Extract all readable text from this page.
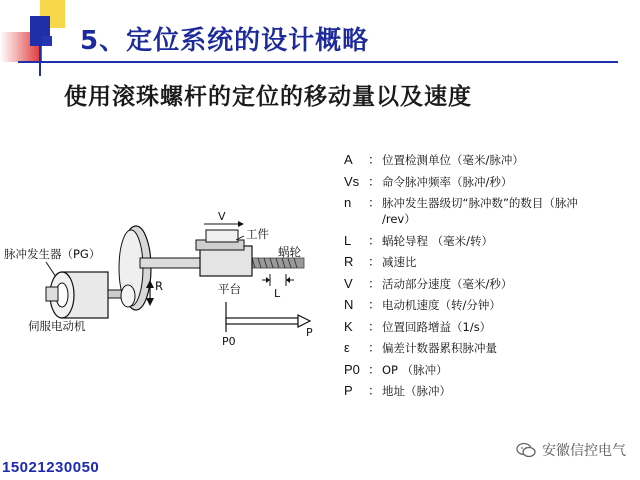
5、定位系统的设计概略
使用滚珠螺杆的定位的移动量以及速度
脉冲发生器（PG）
伺服电动机
R
V
工件
蜗轮
L
平台
P0
P
A	： 位置检测单位（毫米/脉冲）
Vs ： 命令脉冲频率（脉冲/秒）
n	： 脉冲发生器级切“脉冲数”的数目（脉冲
/rev）
L	： 蜗轮导程 （毫米/转）
R	： 减速比
V	： 活动部分速度（毫米/秒）
N	： 电动机速度（转/分钟）
K	： 位置回路增益（1/s）
ε	： 偏差计数器累积脉冲量
P0 ： OP （脉冲）
P	： 地址（脉冲）
安徽信控电气

15021230050
